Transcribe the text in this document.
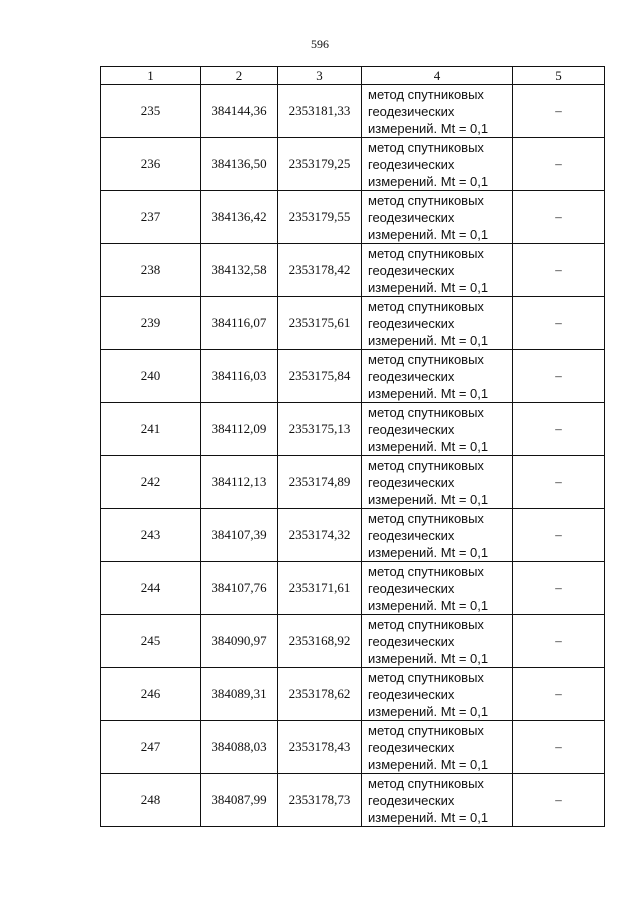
596
1	2	3	4	5
235	384144,36	2353181,33	метод спутниковых
геодезических
измерений. Mt = 0,1	–
236	384136,50	2353179,25	метод спутниковых
геодезических
измерений. Mt = 0,1	–
237	384136,42	2353179,55	метод спутниковых
геодезических
измерений. Mt = 0,1	–
238	384132,58	2353178,42	метод спутниковых
геодезических
измерений. Mt = 0,1	–
239	384116,07	2353175,61	метод спутниковых
геодезических
измерений. Mt = 0,1	–
240	384116,03	2353175,84	метод спутниковых
геодезических
измерений. Mt = 0,1	–
241	384112,09	2353175,13	метод спутниковых
геодезических
измерений. Mt = 0,1	–
242	384112,13	2353174,89	метод спутниковых
геодезических
измерений. Mt = 0,1	–
243	384107,39	2353174,32	метод спутниковых
геодезических
измерений. Mt = 0,1	–
244	384107,76	2353171,61	метод спутниковых
геодезических
измерений. Mt = 0,1	–
245	384090,97	2353168,92	метод спутниковых
геодезических
измерений. Mt = 0,1	–
246	384089,31	2353178,62	метод спутниковых
геодезических
измерений. Mt = 0,1	–
247	384088,03	2353178,43	метод спутниковых
геодезических
измерений. Mt = 0,1	–
248	384087,99	2353178,73	метод спутниковых
геодезических
измерений. Mt = 0,1	–
